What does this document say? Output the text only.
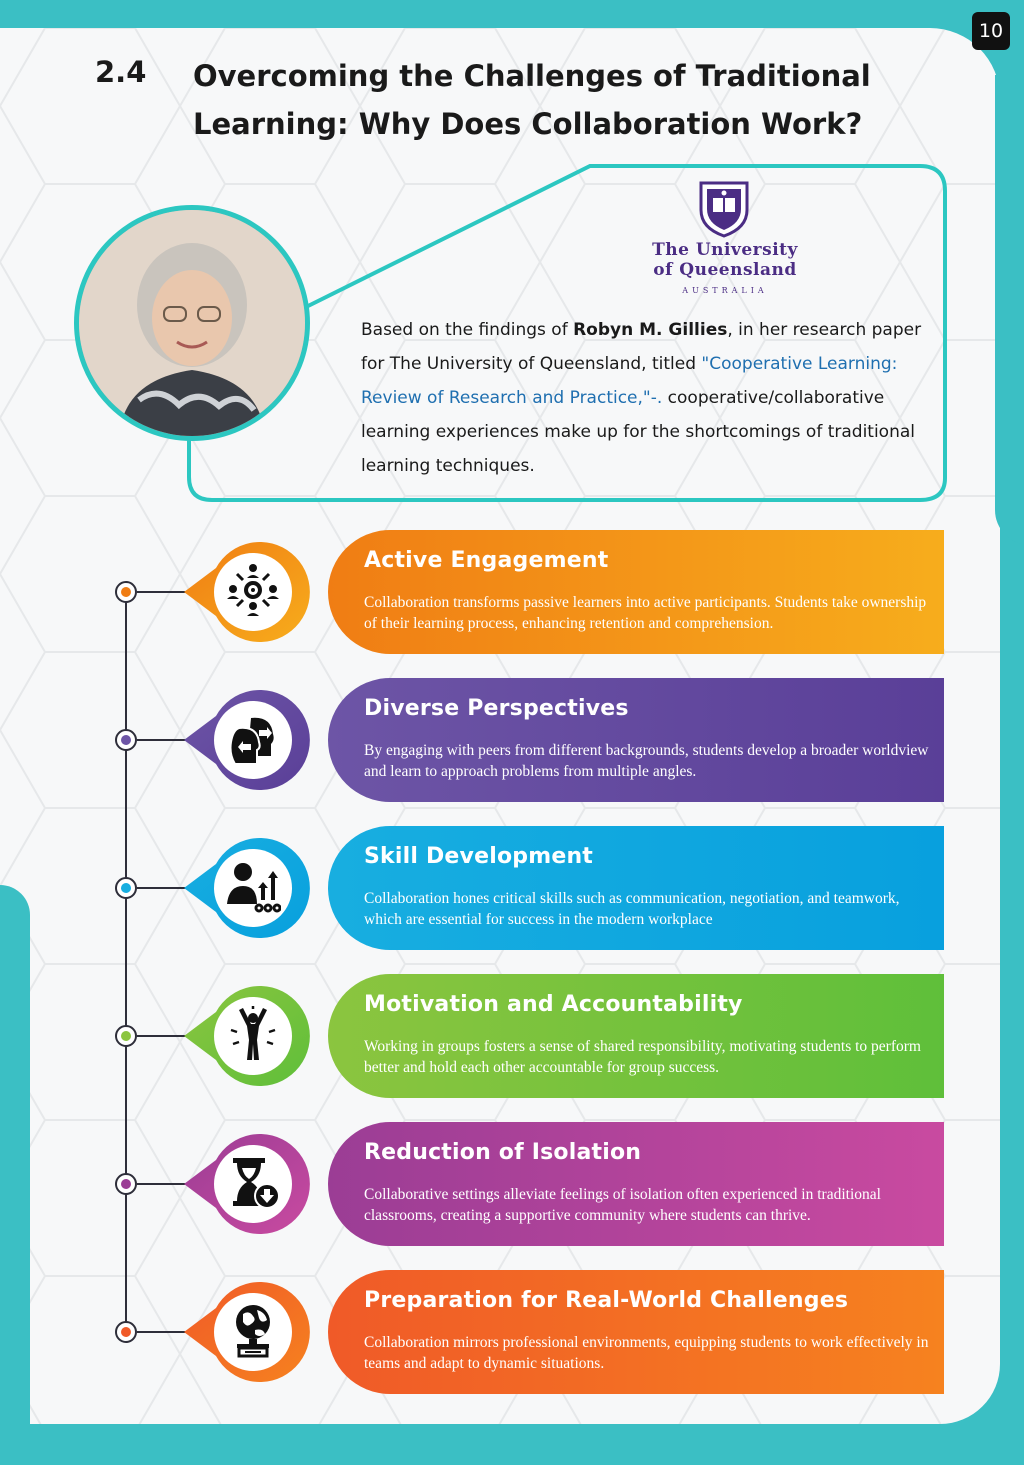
10
2.4 Overcoming the Challenges of Traditional Learning: Why Does Collaboration Work?
The University
of Queensland
AUSTRALIA
Based on the findings of Robyn M. Gillies, in her research paper for The University of Queensland, titled "Cooperative Learning: Review of Research and Practice,"-. cooperative/collaborative learning experiences make up for the shortcomings of traditional learning techniques.
Active Engagement

Collaboration transforms passive learners into active participants. Students take ownership of their learning process, enhancing retention and comprehension.

Diverse Perspectives

By engaging with peers from different backgrounds, students develop a broader worldview and learn to approach problems from multiple angles.

Skill Development

Collaboration hones critical skills such as communication, negotiation, and teamwork, which are essential for success in the modern workplace

Motivation and Accountability

Working in groups fosters a sense of shared responsibility, motivating students to perform better and hold each other accountable for group success.

Reduction of Isolation

Collaborative settings alleviate feelings of isolation often experienced in traditional classrooms, creating a supportive community where students can thrive.

Preparation for Real-World Challenges

Collaboration mirrors professional environments, equipping students to work effectively in teams and adapt to dynamic situations.
